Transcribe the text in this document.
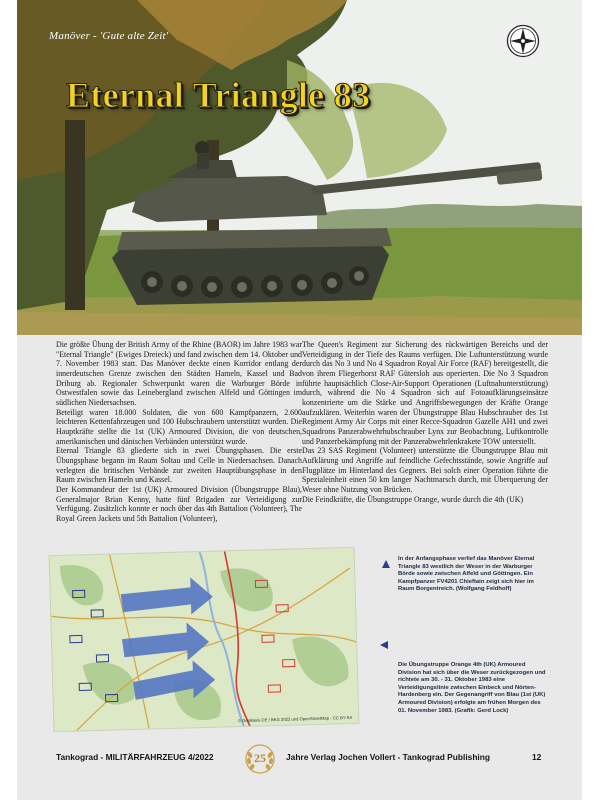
Manöver - 'Gute alte Zeit'
Eternal Triangle 83

Die größte Übung der British Army of the Rhine (BAOR) im Jahre 1983 war "Eternal Triangle" (Ewiges Dreieck) und fand zwischen dem 14. Oktober und 7. November 1983 statt. Das Manöver deckte einen Korridor entlang der innerdeutschen Grenze zwischen den Städten Hameln, Kassel und Bad Driburg ab. Regionaler Schwerpunkt waren die Warburger Börde in Ostwestfalen sowie das Leinebergland zwischen Alfeld und Göttingen im südlichen Niedersachsen.

Beteiligt waren 18.000 Soldaten, die von 600 Kampfpanzern, 2.600 leichteren Kettenfahrzeugen und 100 Hubschraubern unterstützt wurden. Die Hauptkräfte stellte die 1st (UK) Armoured Division, die von deutschen, amerikanischen und dänischen Verbänden unterstützt wurde.

Eternal Triangle 83 gliederte sich in zwei Übungsphasen. Die erste Übungsphase begann im Raum Soltau und Celle in Niedersachsen. Danach verlegten die britischen Verbände zur zweiten Hauptübungsphase in den Raum zwischen Hameln und Kassel.

Der Kommandeur der 1st (UK) Armoured Division (Übungstruppe Blau), Generalmajor Brian Kenny, hatte fünf Brigaden zur Verteidigung zur Verfügung. Zusätzlich konnte er noch über das 4th Battalion (Volunteer), The Royal Green Jackets und 5th Battalion (Volunteer),

The Queen's Regiment zur Sicherung des rückwärtigen Bereichs und der Verteidigung in der Tiefe des Raums verfügen. Die Luftunterstützung wurde durch das No 3 und No 4 Squadron Royal Air Force (RAF) bereitgestellt, die von ihrem Fliegerhorst RAF Gütersloh aus operierten. Die No 3 Squadron führte hauptsächlich Close-Air-Support Operationen (Luftnahunterstützung) durch, während die No 4 Squadron sich auf Fotoaufklärungseinsätze konzentrierte um die Stärke und Angriffsbewegungen der Kräfte Orange aufzuklären. Weiterhin waren der Übungstruppe Blau Hubschrauber des 1st Regiment Army Air Corps mit einer Recce-Squadron Gazelle AH1 und zwei Squadrons Panzerabwehrhubschrauber Lynx zur Beobachtung, Luftkontrolle und Panzerbekämpfung mit der Panzerabwehrlenkrakete TOW unterstellt.

Das 23 SAS Regiment (Volunteer) unterstützte die Übungstruppe Blau mit Aufklärung und Angriffe auf feindliche Gefechtsstände, sowie Angriffe auf Flugplätze im Hinterland des Gegners. Bei solch einer Operation führte die Spezialeinheit einen 50 km langer Nachtmarsch durch, mit Überquerung der Weser ohne Nutzung von Brücken.

Die Feindkräfte, die Übungstruppe Orange, wurde durch die 4th (UK)

© GeoBasis-DE / BKG 2022 und OpenStreetMap - CC BY-SA
In der Anfangsphase verlief das Manöver Eternal Triangle 83 westlich der Weser in der Warburger Börde sowie zwischen Alfeld und Göttingen. Ein Kampfpanzer FV4201 Chieftain zeigt sich hier im Raum Borgentreich. (Wolfgang Feldhoff)
Die Übungstruppe Orange 4th (UK) Armoured Division hat sich über die Weser zurückgezogen und richtete am 30. - 31. Oktober 1983 eine Verteidigungslinie zwischen Einbeck und Nörten-Hardenberg ein. Der Gegenangriff von Blau (1st (UK) Armoured Division) erfolgte am frühen Morgen des 01. November 1983. (Grafik: Gerd Lock)
Tankograd - MILITÄRFAHRZEUG 4/2022	25	Jahre Verlag Jochen Vollert - Tankograd Publishing	12
